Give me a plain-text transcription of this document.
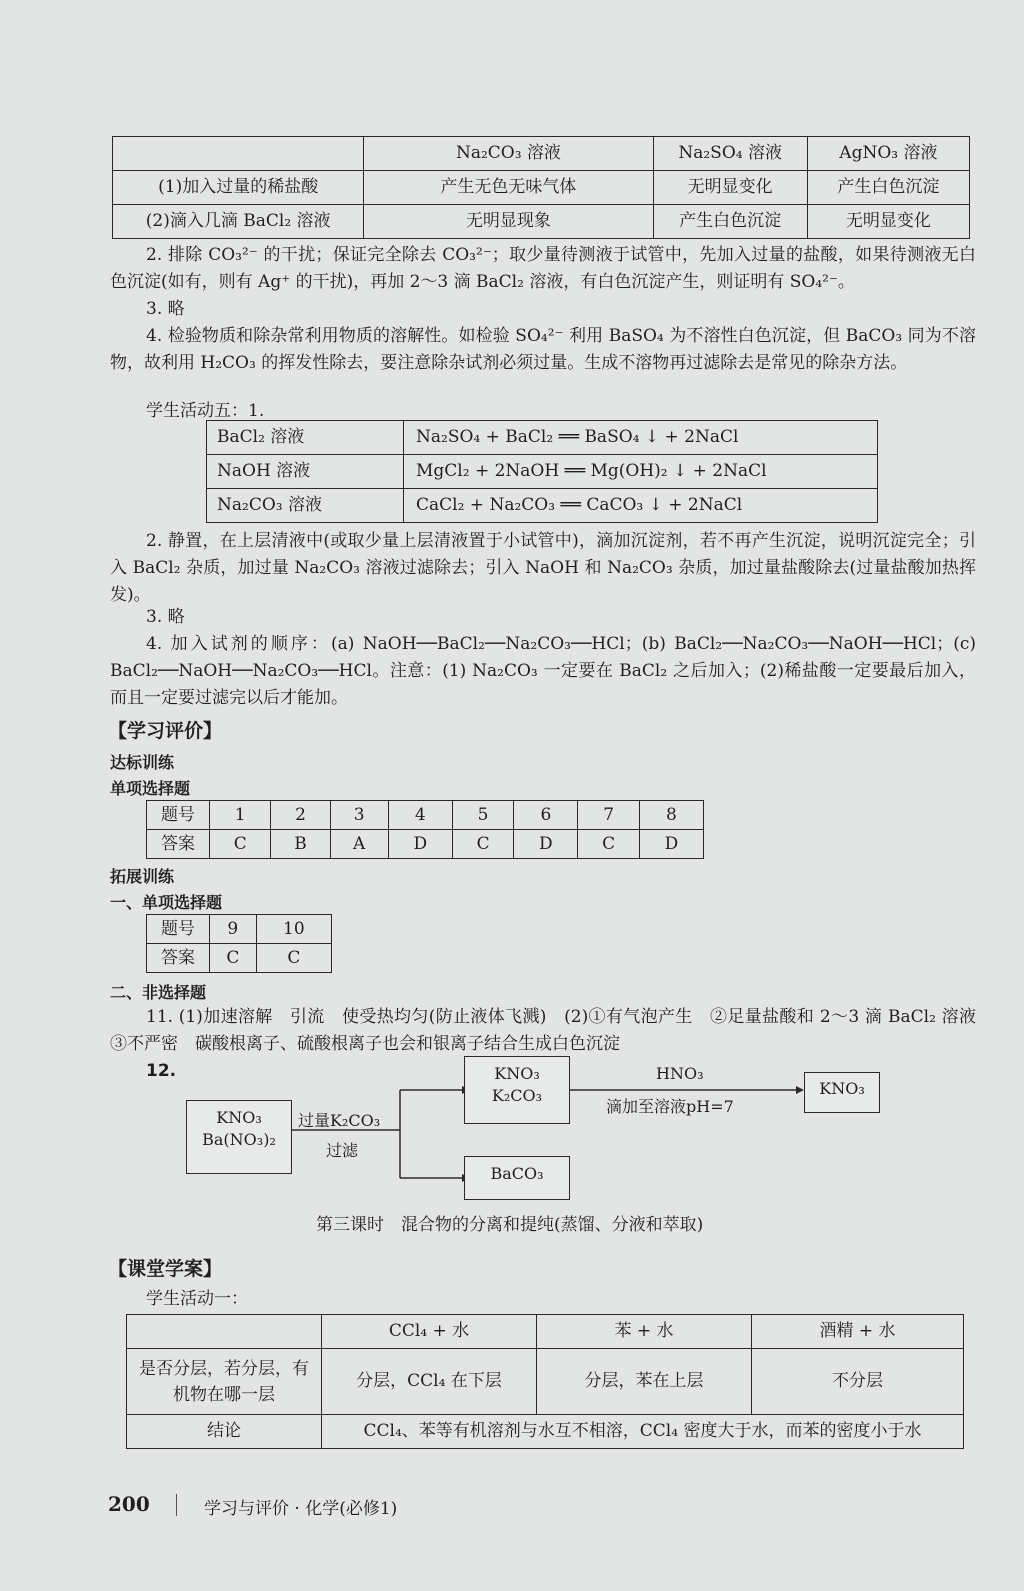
	Na₂CO₃ 溶液	Na₂SO₄ 溶液	AgNO₃ 溶液
(1)加入过量的稀盐酸	产生无色无味气体	无明显变化	产生白色沉淀
(2)滴入几滴 BaCl₂ 溶液	无明显现象	产生白色沉淀	无明显变化
2. 排除 CO₃²⁻ 的干扰；保证完全除去 CO₃²⁻；取少量待测液于试管中，先加入过量的盐酸，如果待测液无白色沉淀(如有，则有 Ag⁺ 的干扰)，再加 2～3 滴 BaCl₂ 溶液，有白色沉淀产生，则证明有 SO₄²⁻。
3. 略
4. 检验物质和除杂常利用物质的溶解性。如检验 SO₄²⁻ 利用 BaSO₄ 为不溶性白色沉淀，但 BaCO₃ 同为不溶物，故利用 H₂CO₃ 的挥发性除去，要注意除杂试剂必须过量。生成不溶物再过滤除去是常见的除杂方法。
学生活动五：1.
BaCl₂ 溶液	Na₂SO₄ + BaCl₂ ══ BaSO₄ ↓ + 2NaCl
NaOH 溶液	MgCl₂ + 2NaOH ══ Mg(OH)₂ ↓ + 2NaCl
Na₂CO₃ 溶液	CaCl₂ + Na₂CO₃ ══ CaCO₃ ↓ + 2NaCl
2. 静置，在上层清液中(或取少量上层清液置于小试管中)，滴加沉淀剂，若不再产生沉淀，说明沉淀完全；引入 BaCl₂ 杂质，加过量 Na₂CO₃ 溶液过滤除去；引入 NaOH 和 Na₂CO₃ 杂质，加过量盐酸除去(过量盐酸加热挥发)。
3. 略
4. 加入试剂的顺序：(a) NaOH──BaCl₂──Na₂CO₃──HCl；(b) BaCl₂──Na₂CO₃──NaOH──HCl；(c) BaCl₂──NaOH──Na₂CO₃──HCl。注意：(1) Na₂CO₃ 一定要在 BaCl₂ 之后加入；(2)稀盐酸一定要最后加入，而且一定要过滤完以后才能加。
【学习评价】
达标训练
单项选择题
题号	1	2	3	4	5	6	7	8
答案	C	B	A	D	C	D	C	D
拓展训练
一、单项选择题
题号	9	10
答案	C	C
二、非选择题
11. (1)加速溶解　引流　使受热均匀(防止液体飞溅)　(2)①有气泡产生　②足量盐酸和 2～3 滴 BaCl₂ 溶液　③不严密　碳酸根离子、硫酸根离子也会和银离子结合生成白色沉淀
12.
KNO₃
Ba(NO₃)₂
过量K₂CO₃
过滤
KNO₃
K₂CO₃
BaCO₃
HNO₃
滴加至溶液pH=7
KNO₃
第三课时　混合物的分离和提纯(蒸馏、分液和萃取)
【课堂学案】
学生活动一：
	CCl₄ + 水	苯 + 水	酒精 + 水
是否分层，若分层，有机物在哪一层	分层，CCl₄ 在下层	分层，苯在上层	不分层
结论	CCl₄、苯等有机溶剂与水互不相溶，CCl₄ 密度大于水，而苯的密度小于水		
200	学习与评价 · 化学(必修1)
